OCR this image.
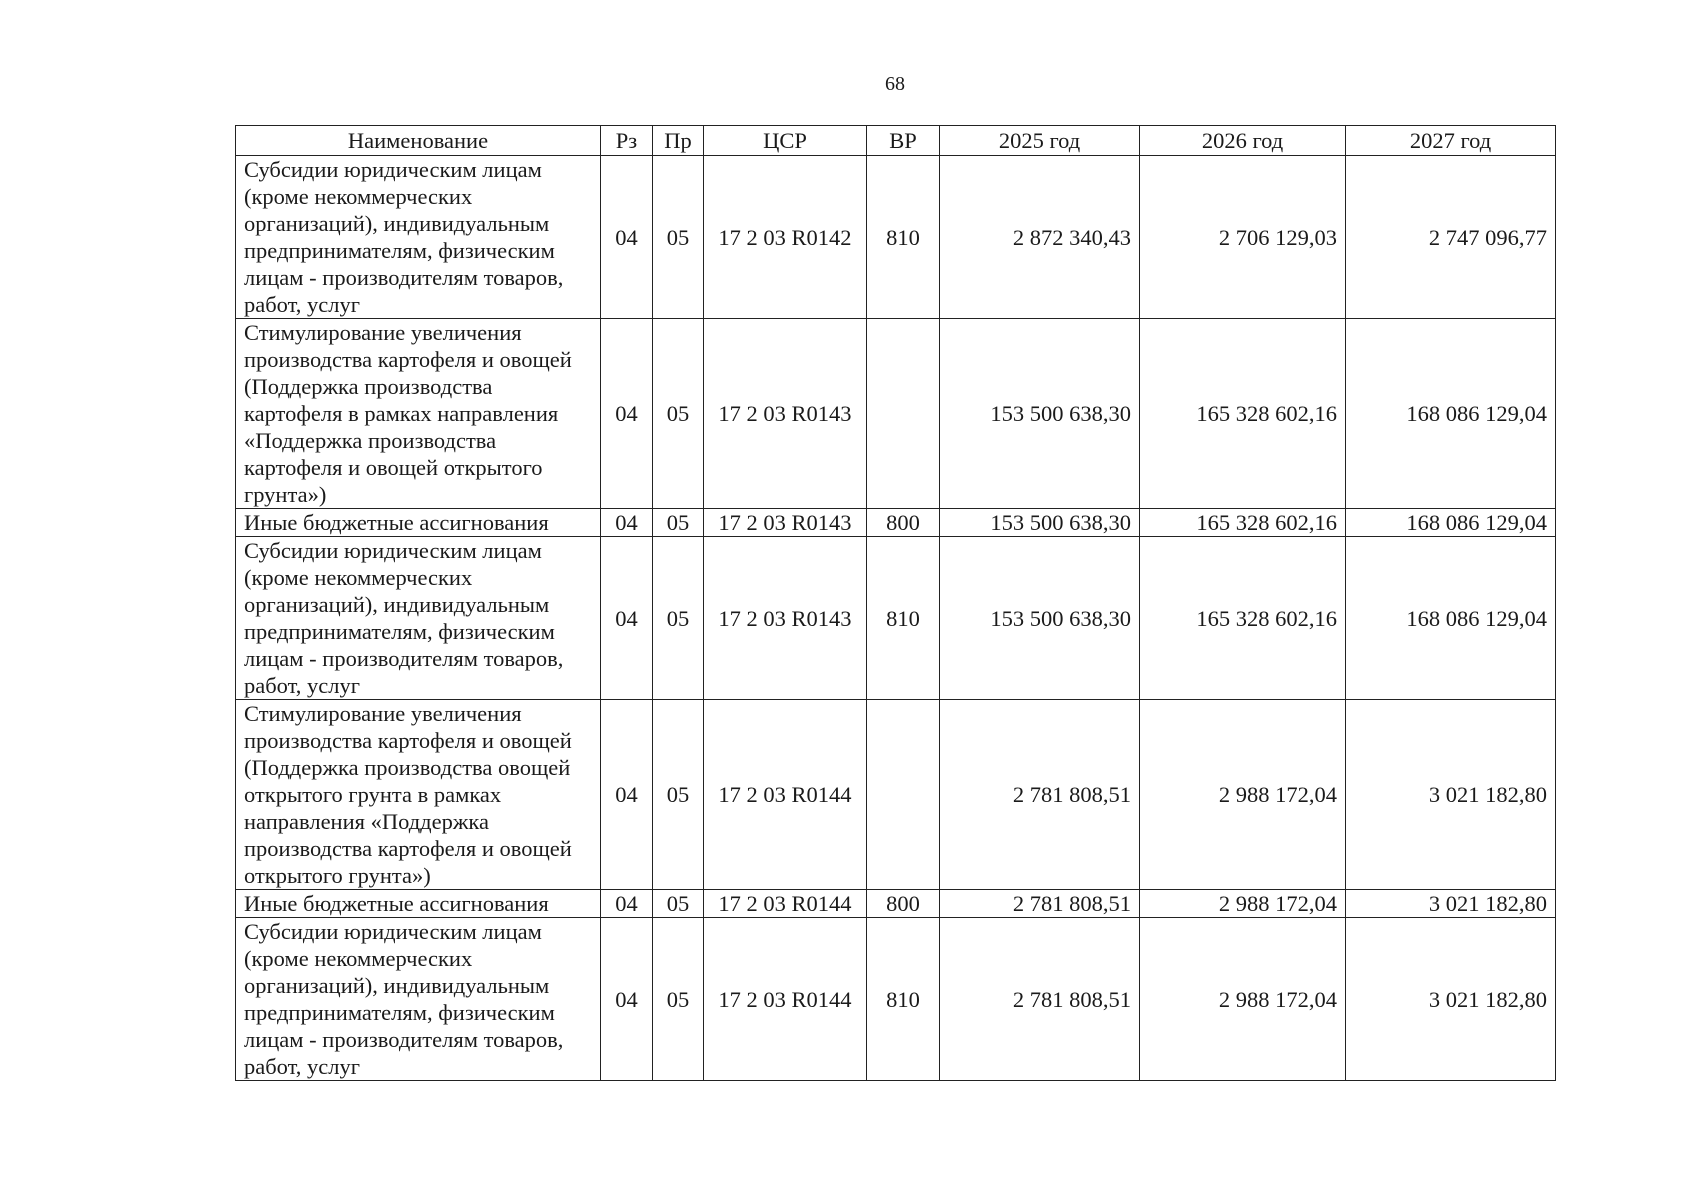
68
Наименование	Рз	Пр	ЦСР	ВР	2025 год	2026 год	2027 год
Субсидии юридическим лицам (кроме некоммерческих организаций), индивидуальным предпринимателям, физическим лицам - производителям товаров, работ, услуг	04	05	17 2 03 R0142	810	2 872 340,43	2 706 129,03	2 747 096,77
Стимулирование увеличения производства картофеля и овощей (Поддержка производства картофеля в рамках направления «Поддержка производства картофеля и овощей открытого грунта»)	04	05	17 2 03 R0143		153 500 638,30	165 328 602,16	168 086 129,04
Иные бюджетные ассигнования	04	05	17 2 03 R0143	800	153 500 638,30	165 328 602,16	168 086 129,04
Субсидии юридическим лицам (кроме некоммерческих организаций), индивидуальным предпринимателям, физическим лицам - производителям товаров, работ, услуг	04	05	17 2 03 R0143	810	153 500 638,30	165 328 602,16	168 086 129,04
Стимулирование увеличения производства картофеля и овощей (Поддержка производства овощей открытого грунта в рамках направления «Поддержка производства картофеля и овощей открытого грунта»)	04	05	17 2 03 R0144		2 781 808,51	2 988 172,04	3 021 182,80
Иные бюджетные ассигнования	04	05	17 2 03 R0144	800	2 781 808,51	2 988 172,04	3 021 182,80
Субсидии юридическим лицам (кроме некоммерческих организаций), индивидуальным предпринимателям, физическим лицам - производителям товаров, работ, услуг	04	05	17 2 03 R0144	810	2 781 808,51	2 988 172,04	3 021 182,80
